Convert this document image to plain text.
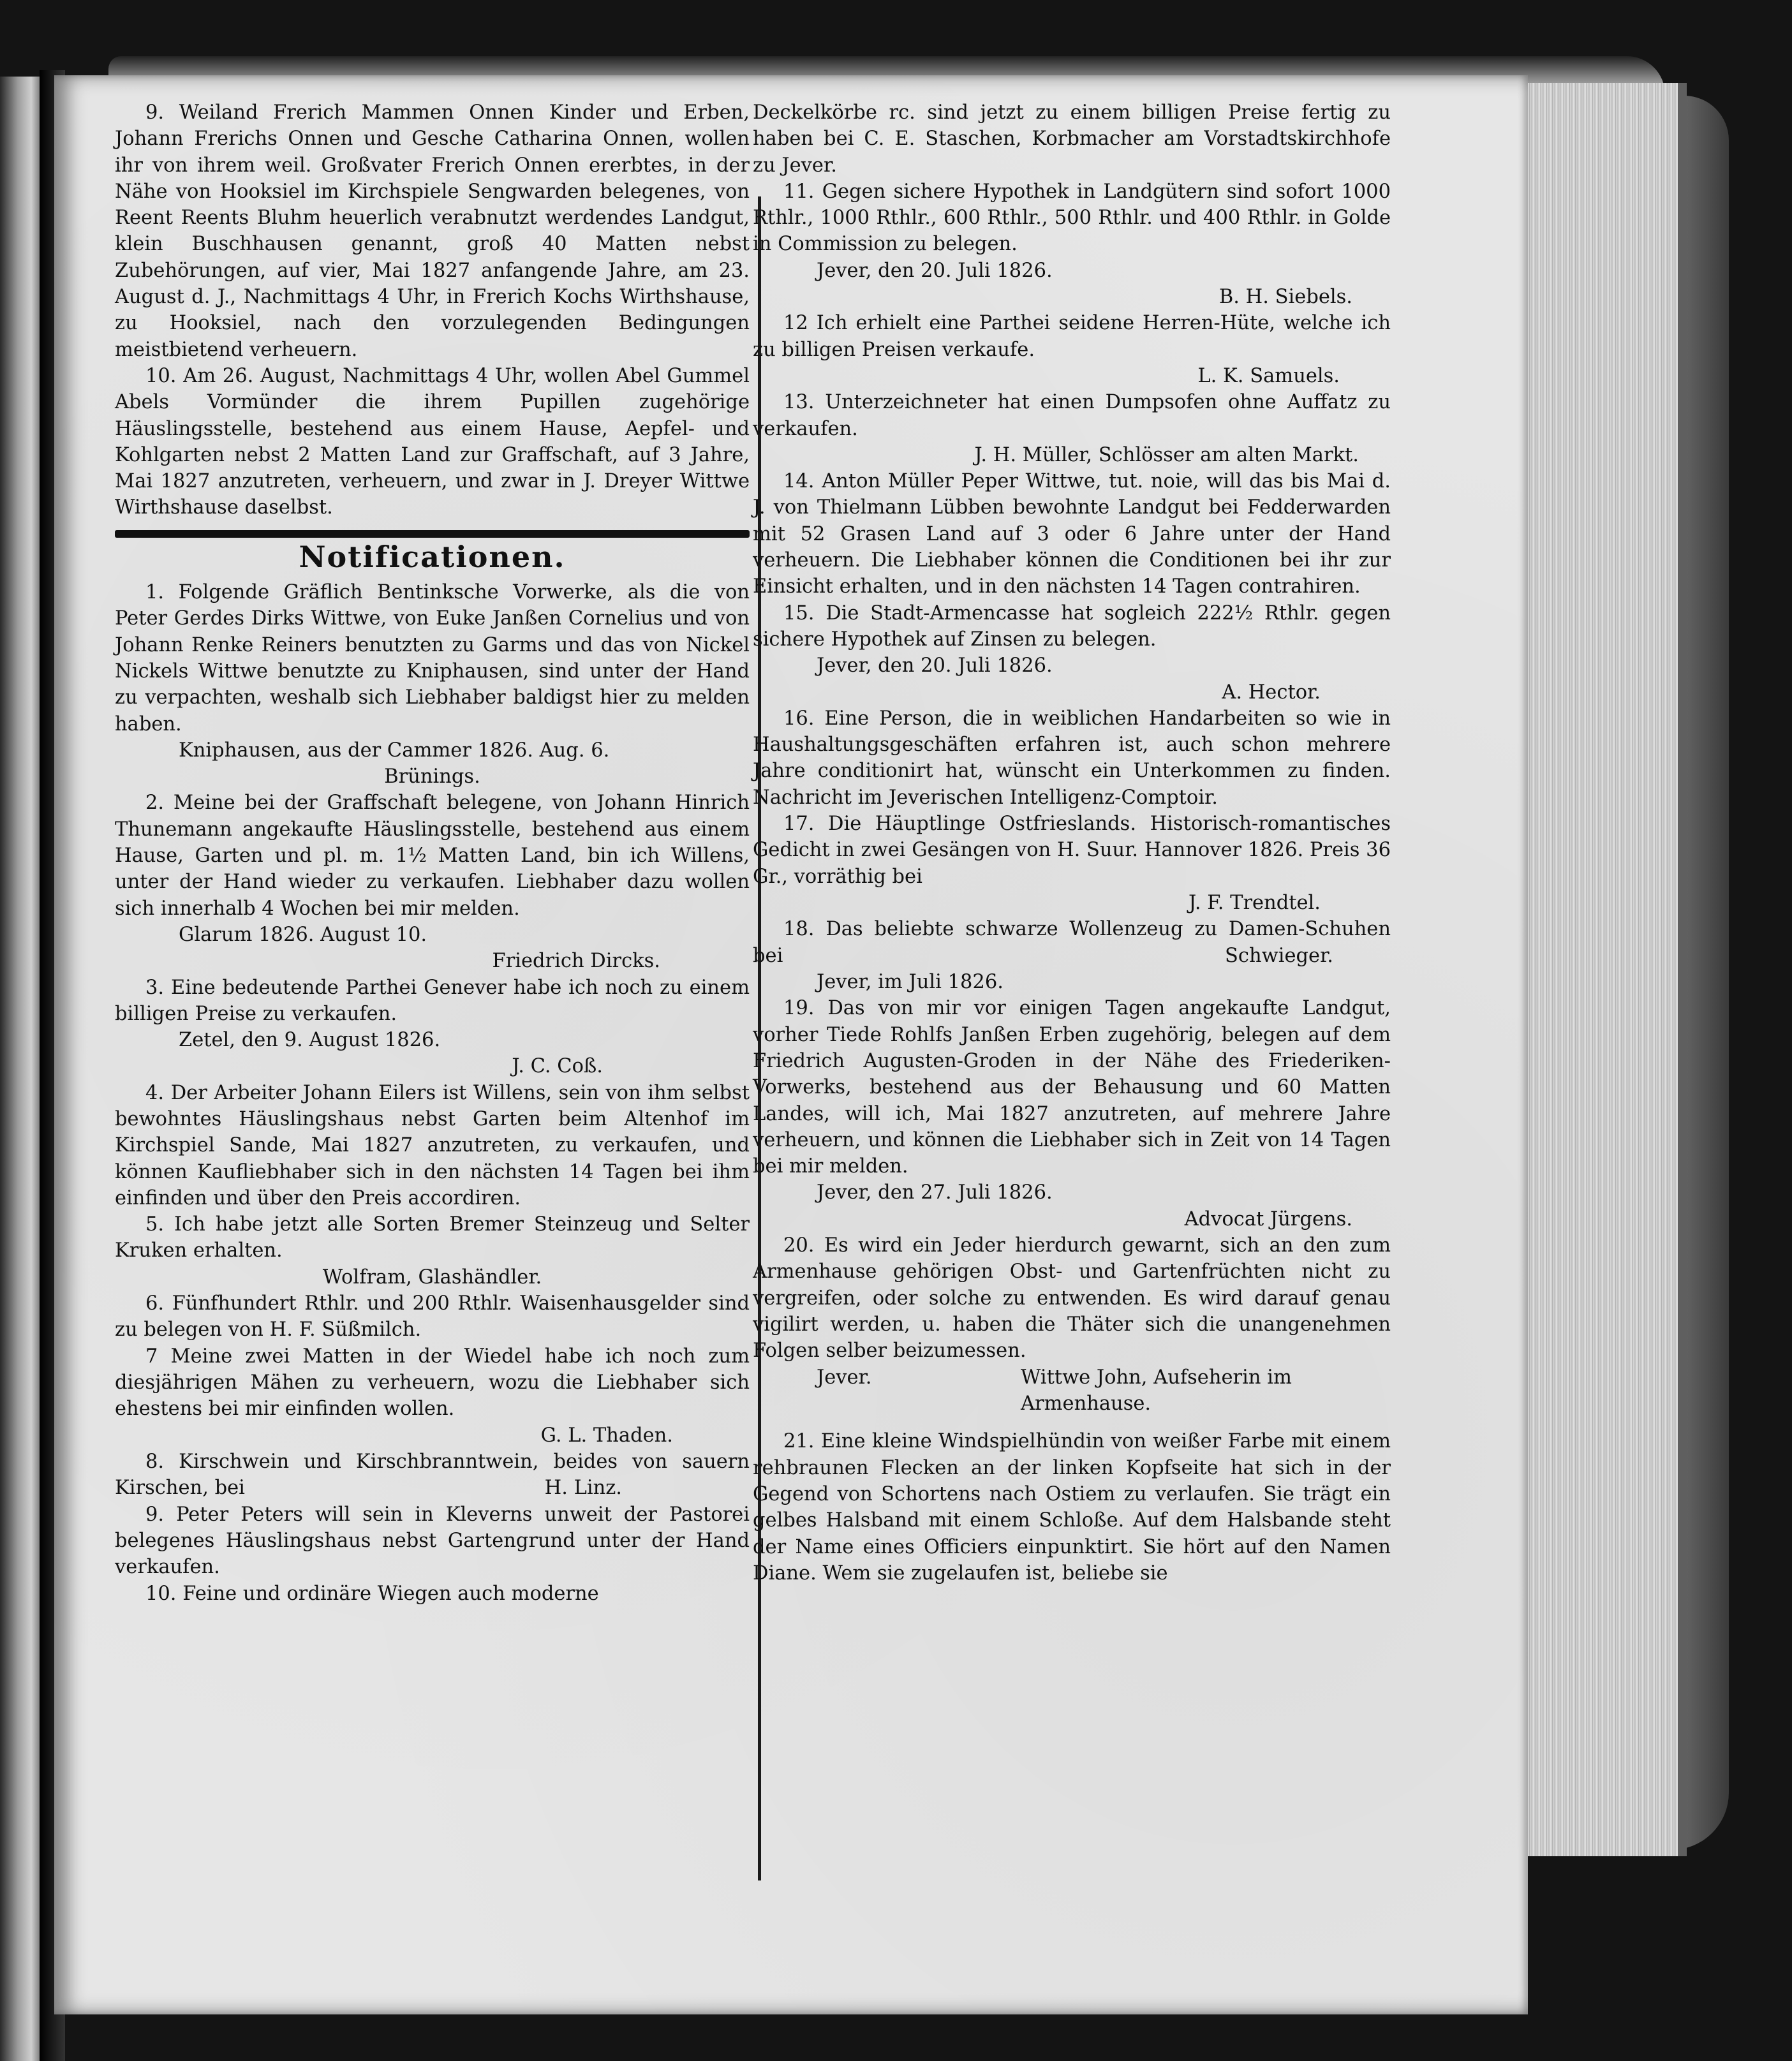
9. Weiland Frerich Mammen Onnen Kinder und Erben, Johann Frerichs Onnen und Gesche Catharina Onnen, wollen ihr von ihrem weil. Großvater Frerich Onnen ererbtes, in der Nähe von Hooksiel im Kirchspiele Sengwarden belegenes, von Reent Reents Bluhm heuerlich verabnutzt werdendes Landgut, klein Buschhausen genannt, groß 40 Matten nebst Zubehörungen, auf vier, Mai 1827 anfangende Jahre, am 23. August d. J., Nachmittags 4 Uhr, in Frerich Kochs Wirthshause, zu Hooksiel, nach den vorzulegenden Bedingungen meistbietend verheuern.

10. Am 26. August, Nachmittags 4 Uhr, wollen Abel Gummel Abels Vormünder die ihrem Pupillen zugehörige Häuslingsstelle, bestehend aus einem Hause, Aepfel- und Kohlgarten nebst 2 Matten Land zur Graffschaft, auf 3 Jahre, Mai 1827 anzutreten, verheuern, und zwar in J. Dreyer Wittwe Wirthshause daselbst.

Notificationen.

1. Folgende Gräflich Bentinksche Vorwerke, als die von Peter Gerdes Dirks Wittwe, von Euke Janßen Cornelius und von Johann Renke Reiners benutzten zu Garms und das von Nickel Nickels Wittwe benutzte zu Kniphausen, sind unter der Hand zu verpachten, weshalb sich Liebhaber baldigst hier zu melden haben.

Kniphausen, aus der Cammer 1826. Aug. 6.

Brünings.

2. Meine bei der Graffschaft belegene, von Johann Hinrich Thunemann angekaufte Häuslingsstelle, bestehend aus einem Hause, Garten und pl. m. 1½ Matten Land, bin ich Willens, unter der Hand wieder zu verkaufen. Liebhaber dazu wollen sich innerhalb 4 Wochen bei mir melden.

Glarum 1826. August 10.

Friedrich Dircks.

3. Eine bedeutende Parthei Genever habe ich noch zu einem billigen Preise zu verkaufen.

Zetel, den 9. August 1826.

J. C. Coß.

4. Der Arbeiter Johann Eilers ist Willens, sein von ihm selbst bewohntes Häuslingshaus nebst Garten beim Altenhof im Kirchspiel Sande, Mai 1827 anzutreten, zu verkaufen, und können Kaufliebhaber sich in den nächsten 14 Tagen bei ihm einfinden und über den Preis accordiren.

5. Ich habe jetzt alle Sorten Bremer Steinzeug und Selter Kruken erhalten.

Wolfram, Glashändler.

6. Fünfhundert Rthlr. und 200 Rthlr. Waisenhausgelder sind zu belegen von H. F. Süßmilch.

7 Meine zwei Matten in der Wiedel habe ich noch zum diesjährigen Mähen zu verheuern, wozu die Liebhaber sich ehestens bei mir einfinden wollen.

G. L. Thaden.

8. Kirschwein und Kirschbranntwein, beides von sauern Kirschen, bei	H. Linz.

9. Peter Peters will sein in Kleverns unweit der Pastorei belegenes Häuslingshaus nebst Gartengrund unter der Hand verkaufen.

10. Feine und ordinäre Wiegen auch moderne

Deckelkörbe rc. sind jetzt zu einem billigen Preise fertig zu haben bei C. E. Staschen, Korbmacher am Vorstadtskirchhofe zu Jever.

11. Gegen sichere Hypothek in Landgütern sind sofort 1000 Rthlr., 1000 Rthlr., 600 Rthlr., 500 Rthlr. und 400 Rthlr. in Golde in Commission zu belegen.

Jever, den 20. Juli 1826.

B. H. Siebels.

12 Ich erhielt eine Parthei seidene Herren-Hüte, welche ich zu billigen Preisen verkaufe.

L. K. Samuels.

13. Unterzeichneter hat einen Dumpsofen ohne Auffatz zu verkaufen.

J. H. Müller, Schlösser am alten Markt.

14. Anton Müller Peper Wittwe, tut. noie, will das bis Mai d. J. von Thielmann Lübben bewohnte Landgut bei Fedderwarden mit 52 Grasen Land auf 3 oder 6 Jahre unter der Hand verheuern. Die Liebhaber können die Conditionen bei ihr zur Einsicht erhalten, und in den nächsten 14 Tagen contrahiren.

15. Die Stadt-Armencasse hat sogleich 222½ Rthlr. gegen sichere Hypothek auf Zinsen zu belegen.

Jever, den 20. Juli 1826.

A. Hector.

16. Eine Person, die in weiblichen Handarbeiten so wie in Haushaltungsgeschäften erfahren ist, auch schon mehrere Jahre conditionirt hat, wünscht ein Unterkommen zu finden. Nachricht im Jeverischen Intelligenz-Comptoir.

17. Die Häuptlinge Ostfrieslands. Historisch-romantisches Gedicht in zwei Gesängen von H. Suur. Hannover 1826. Preis 36 Gr., vorräthig bei

J. F. Trendtel.

18. Das beliebte schwarze Wollenzeug zu Damen-Schuhen bei	Schwieger.

Jever, im Juli 1826.

19. Das von mir vor einigen Tagen angekaufte Landgut, vorher Tiede Rohlfs Janßen Erben zugehörig, belegen auf dem Friedrich Augusten-Groden in der Nähe des Friederiken-Vorwerks, bestehend aus der Behausung und 60 Matten Landes, will ich, Mai 1827 anzutreten, auf mehrere Jahre verheuern, und können die Liebhaber sich in Zeit von 14 Tagen bei mir melden.

Jever, den 27. Juli 1826.

Advocat Jürgens.

20. Es wird ein Jeder hierdurch gewarnt, sich an den zum Armenhause gehörigen Obst- und Gartenfrüchten nicht zu vergreifen, oder solche zu entwenden. Es wird darauf genau vigilirt werden, u. haben die Thäter sich die unangenehmen Folgen selber beizumessen.

Jever.	Wittwe John, Aufseherin im Armenhause.

21. Eine kleine Windspielhündin von weißer Farbe mit einem rehbraunen Flecken an der linken Kopfseite hat sich in der Gegend von Schortens nach Ostiem zu verlaufen. Sie trägt ein gelbes Halsband mit einem Schloße. Auf dem Halsbande steht der Name eines Officiers einpunktirt. Sie hört auf den Namen Diane. Wem sie zugelaufen ist, beliebe sie
